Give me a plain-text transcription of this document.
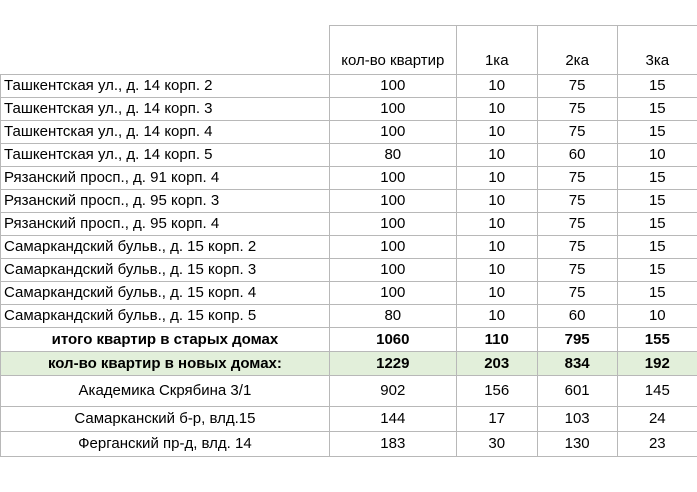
	кол-во квартир	1ка	2ка	3ка
Ташкентская ул., д. 14 корп. 2	100	10	75	15
Ташкентская ул., д. 14 корп. 3	100	10	75	15
Ташкентская ул., д. 14 корп. 4	100	10	75	15
Ташкентская ул., д. 14 корп. 5	80	10	60	10
Рязанский просп., д. 91 корп. 4	100	10	75	15
Рязанский просп., д. 95 корп. 3	100	10	75	15
Рязанский просп., д. 95 корп. 4	100	10	75	15
Самаркандский бульв., д. 15 корп. 2	100	10	75	15
Самаркандский бульв., д. 15 корп. 3	100	10	75	15
Самаркандский бульв., д. 15 корп. 4	100	10	75	15
Самаркандский бульв., д. 15 копр. 5	80	10	60	10
итого квартир в старых домах	1060	110	795	155
кол-во квартир в новых домах:	1229	203	834	192
Академика Скрябина 3/1	902	156	601	145
Самарканский б-р, влд.15	144	17	103	24
Ферганский пр-д, влд. 14	183	30	130	23
